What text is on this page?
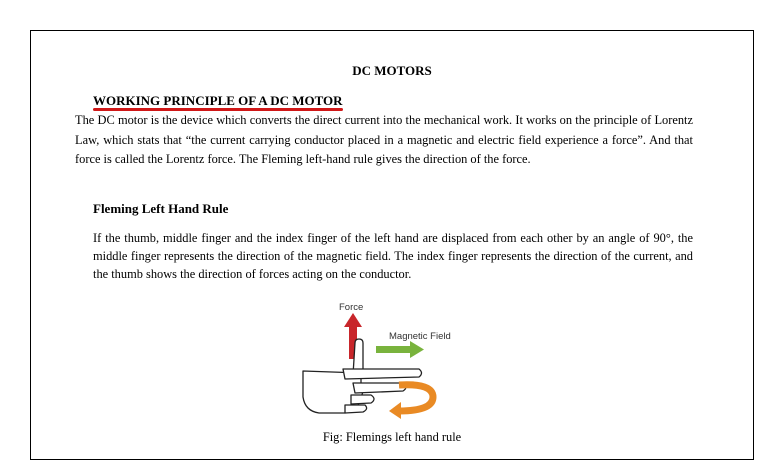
DC MOTORS
WORKING PRINCIPLE OF A DC MOTOR
The DC motor is the device which converts the direct current into the mechanical work. It works on the principle of Lorentz Law, which stats that “the current carrying conductor placed in a magnetic and electric field experience a force”. And that force is called the Lorentz force. The Fleming left-hand rule gives the direction of the force.
Fleming Left Hand Rule
If the thumb, middle finger and the index finger of the left hand are displaced from each other by an angle of 90°, the middle finger represents the direction of the magnetic field. The index finger represents the direction of the current, and the thumb shows the direction of forces acting on the conductor.
Force
Magnetic Field
Fig: Flemings left hand rule
